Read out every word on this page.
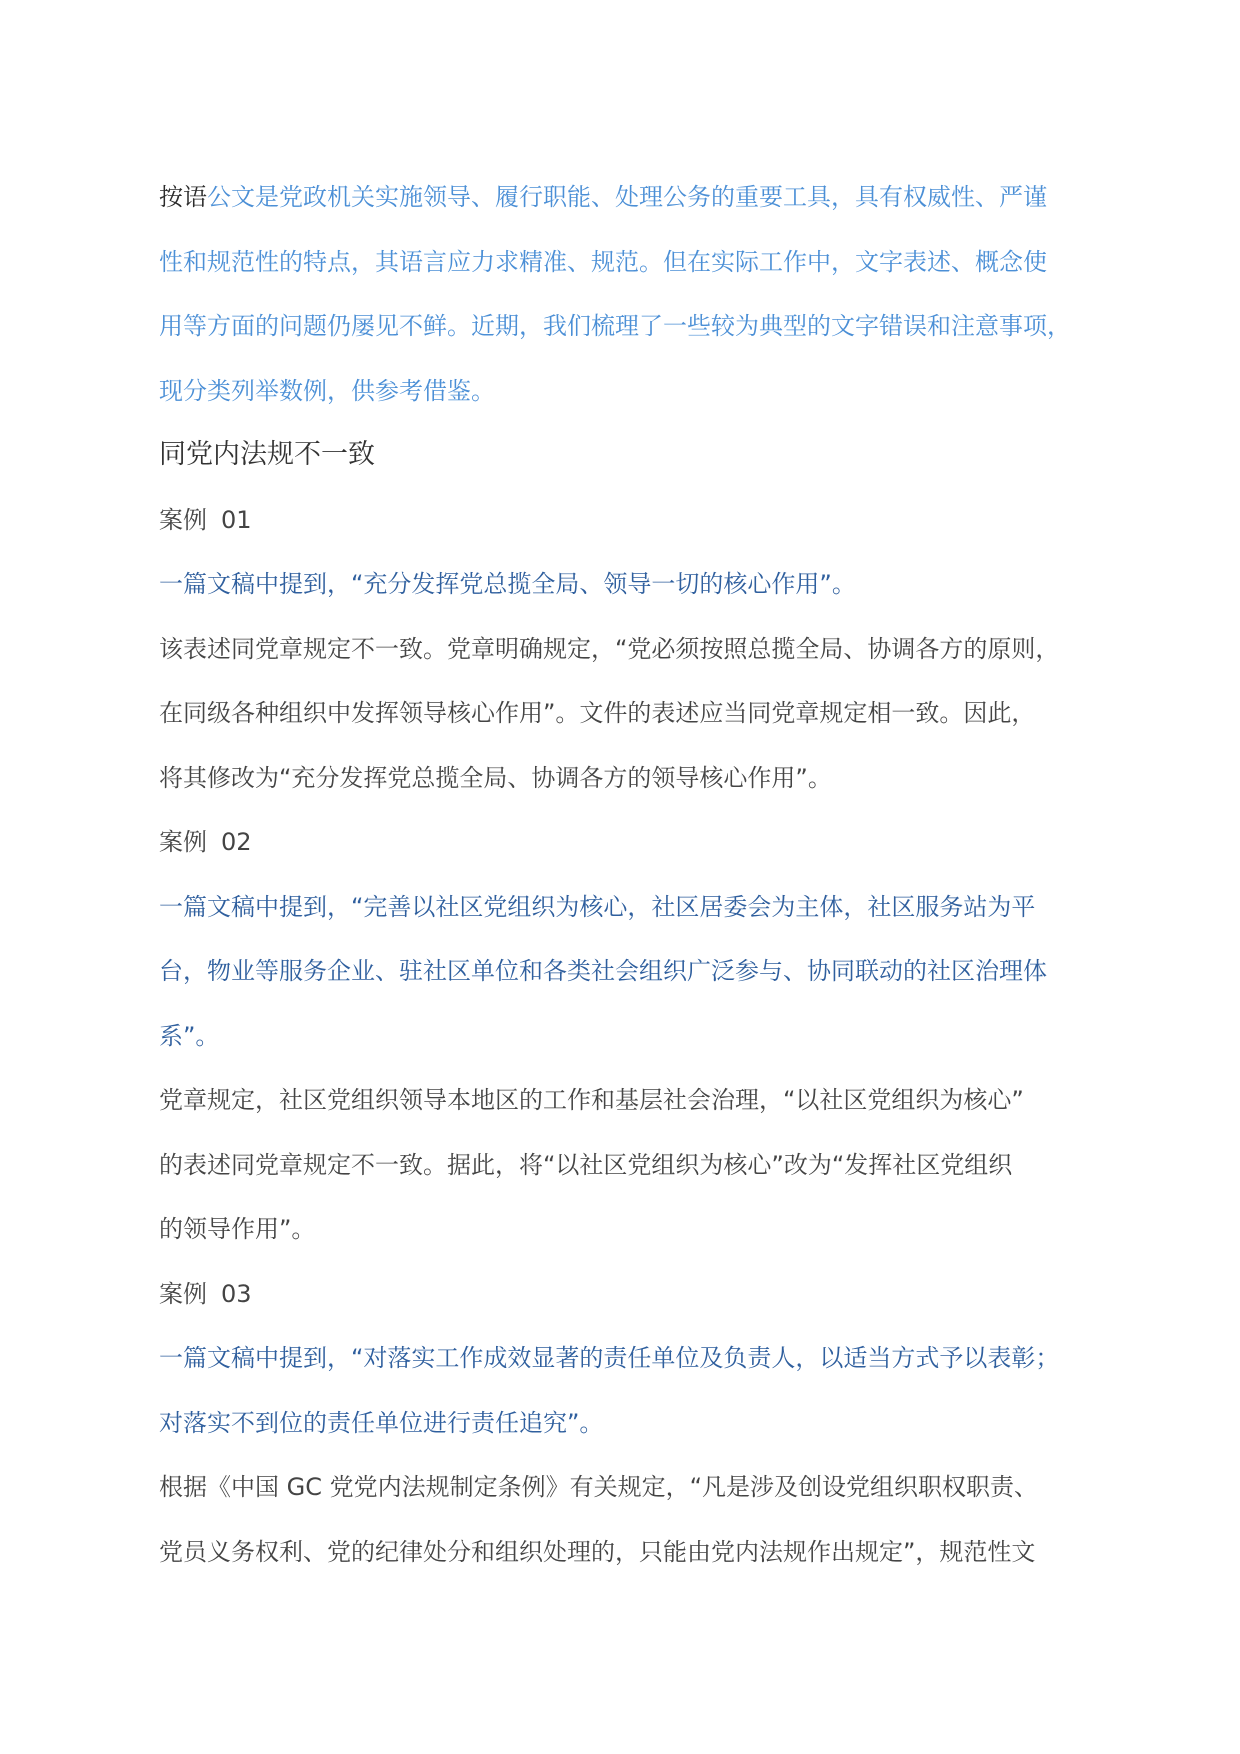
按语公文是党政机关实施领导、履行职能、处理公务的重要工具，具有权威性、严谨
性和规范性的特点，其语言应力求精准、规范。但在实际工作中，文字表述、概念使
用等方面的问题仍屡见不鲜。近期，我们梳理了一些较为典型的文字错误和注意事项，
现分类列举数例，供参考借鉴。
同党内法规不一致
案例 01
一篇文稿中提到，“充分发挥党总揽全局、领导一切的核心作用”。
该表述同党章规定不一致。党章明确规定，“党必须按照总揽全局、协调各方的原则，
在同级各种组织中发挥领导核心作用”。文件的表述应当同党章规定相一致。因此，
将其修改为“充分发挥党总揽全局、协调各方的领导核心作用”。
案例 02
一篇文稿中提到，“完善以社区党组织为核心，社区居委会为主体，社区服务站为平
台，物业等服务企业、驻社区单位和各类社会组织广泛参与、协同联动的社区治理体
系”。
党章规定，社区党组织领导本地区的工作和基层社会治理，“以社区党组织为核心”
的表述同党章规定不一致。据此，将“以社区党组织为核心”改为“发挥社区党组织
的领导作用”。
案例 03
一篇文稿中提到，“对落实工作成效显著的责任单位及负责人，以适当方式予以表彰；
对落实不到位的责任单位进行责任追究”。
根据《中国 GC 党党内法规制定条例》有关规定，“凡是涉及创设党组织职权职责、
党员义务权利、党的纪律处分和组织处理的，只能由党内法规作出规定”，规范性文
